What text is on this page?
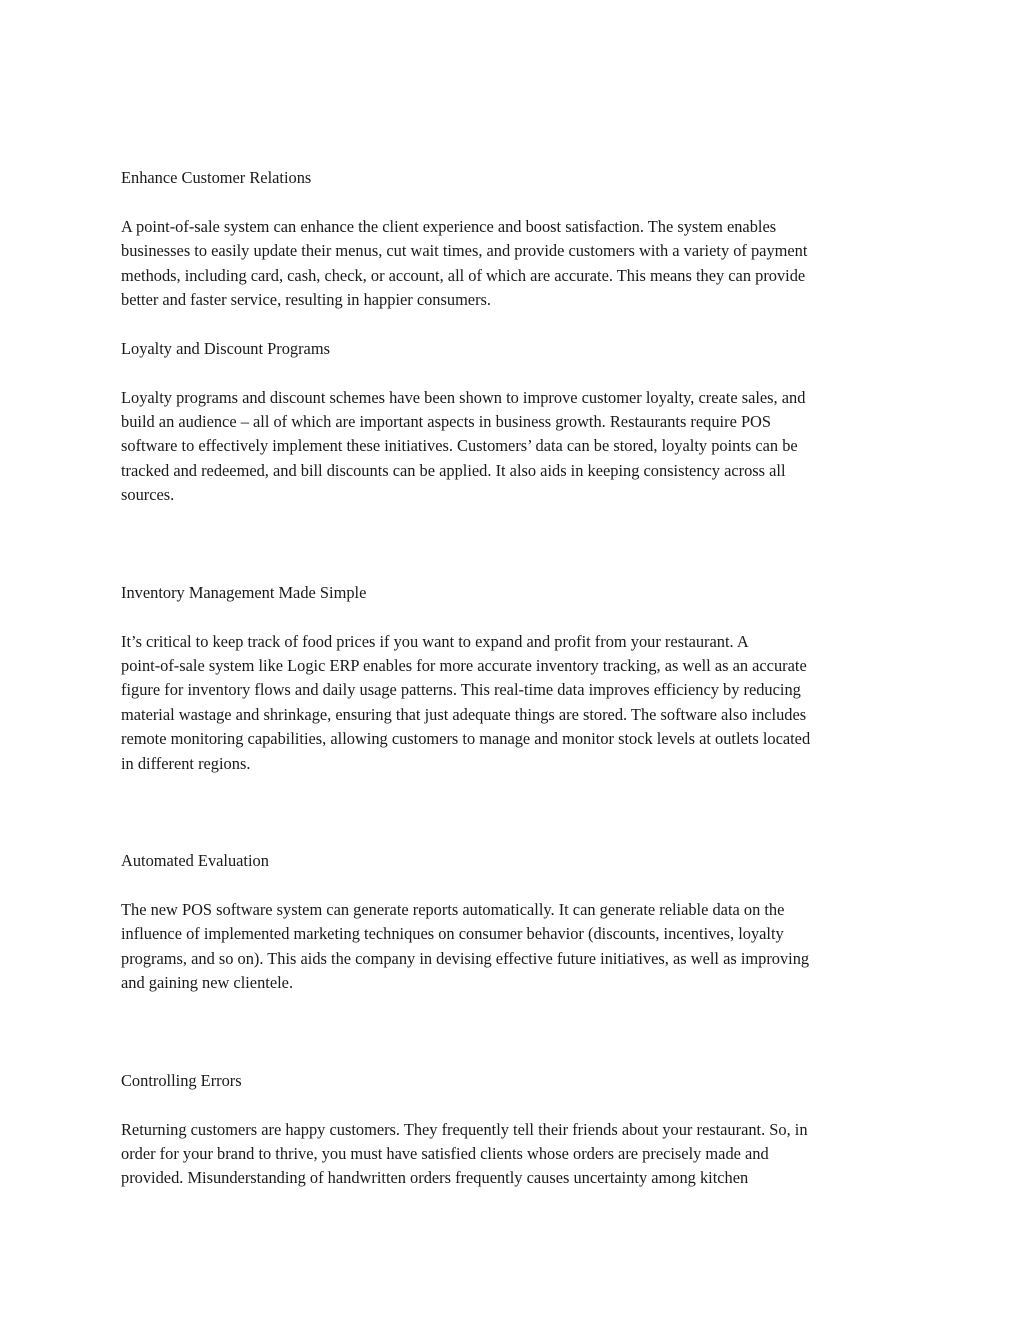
Enhance Customer Relations

A point-of-sale system can enhance the client experience and boost satisfaction. The system enables
businesses to easily update their menus, cut wait times, and provide customers with a variety of payment
methods, including card, cash, check, or account, all of which are accurate. This means they can provide
better and faster service, resulting in happier consumers.

Loyalty and Discount Programs

Loyalty programs and discount schemes have been shown to improve customer loyalty, create sales, and
build an audience – all of which are important aspects in business growth. Restaurants require POS
software to effectively implement these initiatives. Customers’ data can be stored, loyalty points can be
tracked and redeemed, and bill discounts can be applied. It also aids in keeping consistency across all
sources.

Inventory Management Made Simple

It’s critical to keep track of food prices if you want to expand and profit from your restaurant. A
point-of-sale system like Logic ERP enables for more accurate inventory tracking, as well as an accurate
figure for inventory flows and daily usage patterns. This real-time data improves efficiency by reducing
material wastage and shrinkage, ensuring that just adequate things are stored. The software also includes
remote monitoring capabilities, allowing customers to manage and monitor stock levels at outlets located
in different regions.

Automated Evaluation

The new POS software system can generate reports automatically. It can generate reliable data on the
influence of implemented marketing techniques on consumer behavior (discounts, incentives, loyalty
programs, and so on). This aids the company in devising effective future initiatives, as well as improving
and gaining new clientele.

Controlling Errors

Returning customers are happy customers. They frequently tell their friends about your restaurant. So, in
order for your brand to thrive, you must have satisfied clients whose orders are precisely made and
provided. Misunderstanding of handwritten orders frequently causes uncertainty among kitchen
